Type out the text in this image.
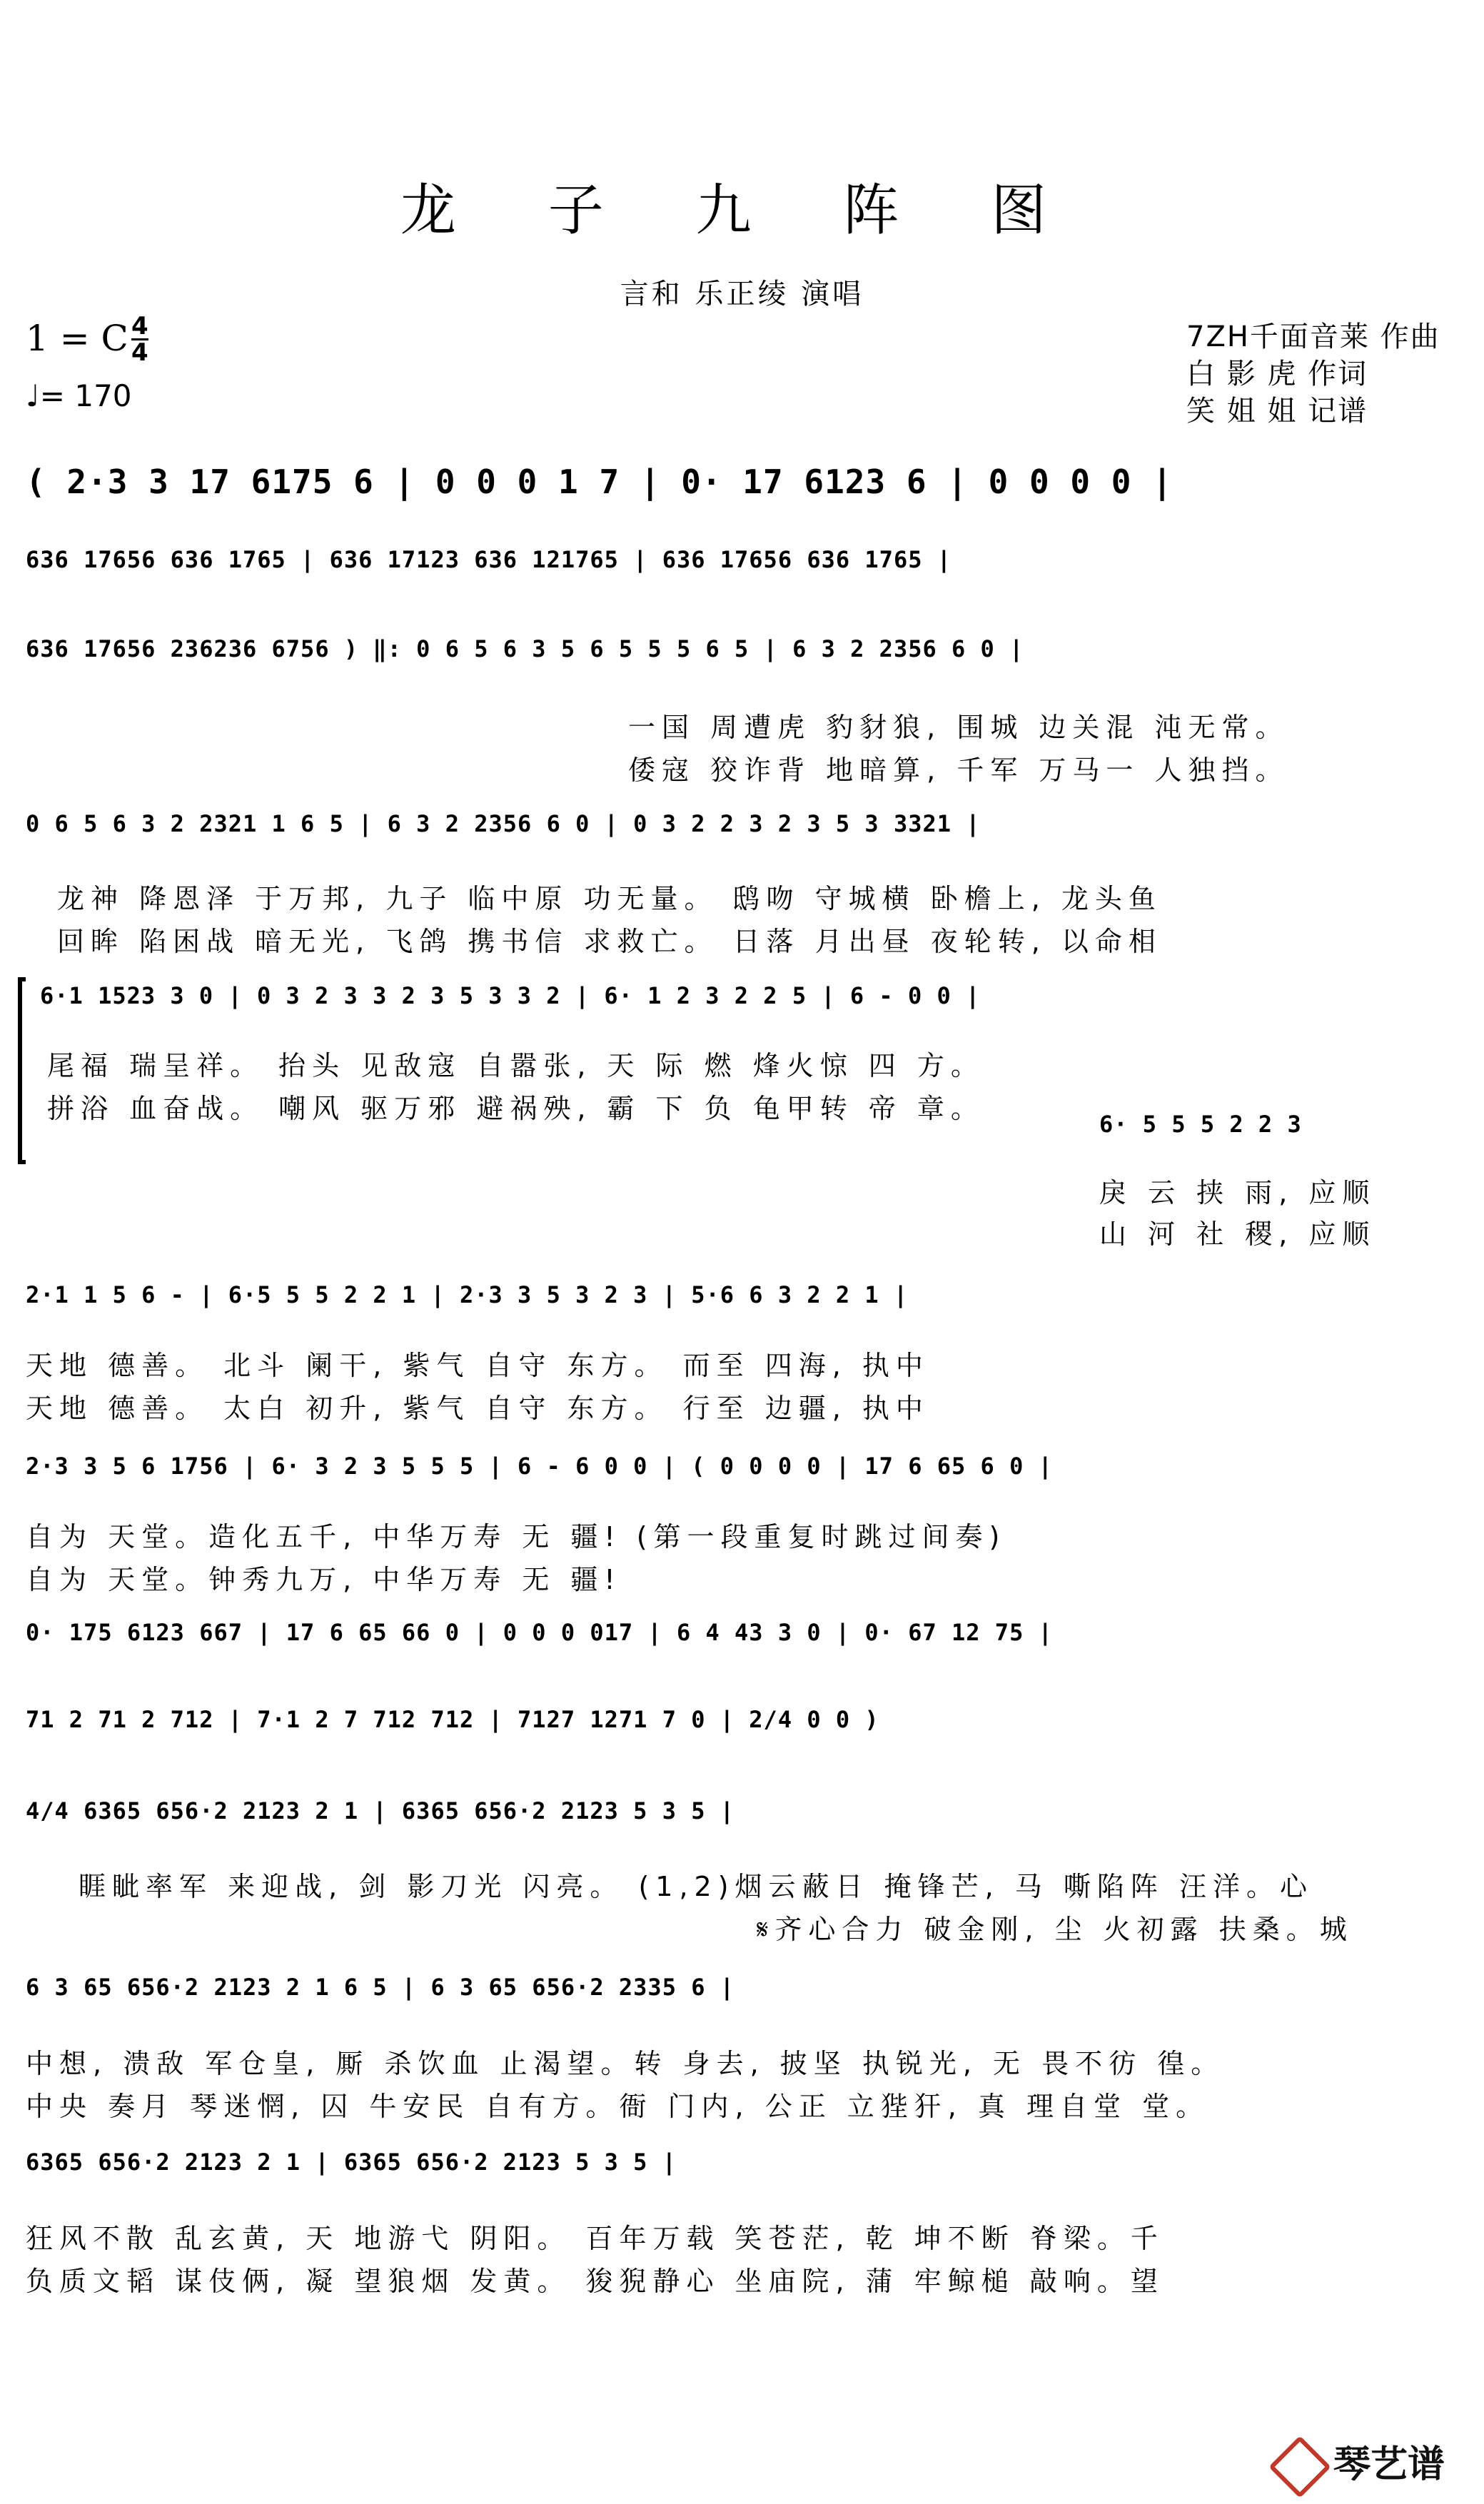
龙 子 九 阵 图
言和 乐正绫 演唱
1 = C 4
4
♩= 170
7ZH千面音莱 作曲
白 影 虎 作词
笑 姐 姐 记谱
( 2·3 3 17 6175 6 | 0 0 0 1 7 | 0· 17 6123 6 | 0 0 0 0 |
636 17656 636 1765 | 636 17123 636 121765 | 636 17656 636 1765 |
636 17656 236236 6756 ) ‖: 0 6 5 6 3 5 6 5 5 5 6 5 | 6 3 2 2356 6 0 |
一国 周遭虎 豹豺狼, 围城 边关混 沌无常。
倭寇 狡诈背 地暗算, 千军 万马一 人独挡。
0 6 5 6 3 2 2321 1 6 5 | 6 3 2 2356 6 0 | 0 3 2 2 3 2 3 5 3 3321 |
龙神 降恩泽 于万邦, 九子 临中原 功无量。 鸱吻 守城横 卧檐上, 龙头鱼
回眸 陷困战 暗无光, 飞鸽 携书信 求救亡。 日落 月出昼 夜轮转, 以命相
6·1 1523 3 0 | 0 3 2 3 3 2 3 5 3 3 2 | 6· 1 2 3 2 2 5 | 6 - 0 0 |
尾福 瑞呈祥。 抬头 见敌寇 自嚣张, 天 际 燃 烽火惊 四 方。
拼浴 血奋战。 嘲风 驱万邪 避祸殃, 霸 下 负 龟甲转 帝 章。	6· 5 5 5 2 2 3
戾 云 挟 雨, 应顺
山 河 社 稷, 应顺
2·1 1 5 6 - | 6·5 5 5 2 2 1 | 2·3 3 5 3 2 3 | 5·6 6 3 2 2 1 |
天地 德善。 北斗 阑干, 紫气 自守 东方。 而至 四海, 执中
天地 德善。 太白 初升, 紫气 自守 东方。 行至 边疆, 执中
2·3 3 5 6 1756 | 6· 3 2 3 5 5 5 | 6 - 6 0 0 | ( 0 0 0 0 | 17 6 65 6 0 |
自为 天堂。造化五千, 中华万寿 无 疆! (第一段重复时跳过间奏)
自为 天堂。钟秀九万, 中华万寿 无 疆!
0· 175 6123 667 | 17 6 65 66 0 | 0 0 0 017 | 6 4 43 3 0 | 0· 67 12 75 |
71 2 71 2 712 | 7·1 2 7 712 712 | 7127 1271 7 0 | 2/4 0 0 )
4/4 6365 656·2 2123 2 1 | 6365 656·2 2123 5 3 5 |
睚眦率军 来迎战, 剑 影刀光 闪亮。 (1,2)烟云蔽日 掩锋芒, 马 嘶陷阵 汪洋。心
𝄋齐心合力 破金刚, 尘 火初露 扶桑。城
6 3 65 656·2 2123 2 1 6 5 | 6 3 65 656·2 2335 6 |
中想, 溃敌 军仓皇, 厮 杀饮血 止渴望。转 身去, 披坚 执锐光, 无 畏不彷 徨。
中央 奏月 琴迷惘, 囚 牛安民 自有方。衙 门内, 公正 立狴犴, 真 理自堂 堂。
6365 656·2 2123 2 1 | 6365 656·2 2123 5 3 5 |
狂风不散 乱玄黄, 天 地游弋 阴阳。 百年万载 笑苍茫, 乾 坤不断 脊梁。千
负质文韬 谋伎俩, 凝 望狼烟 发黄。 狻猊静心 坐庙院, 蒲 牢鲸槌 敲响。望
琴艺谱
